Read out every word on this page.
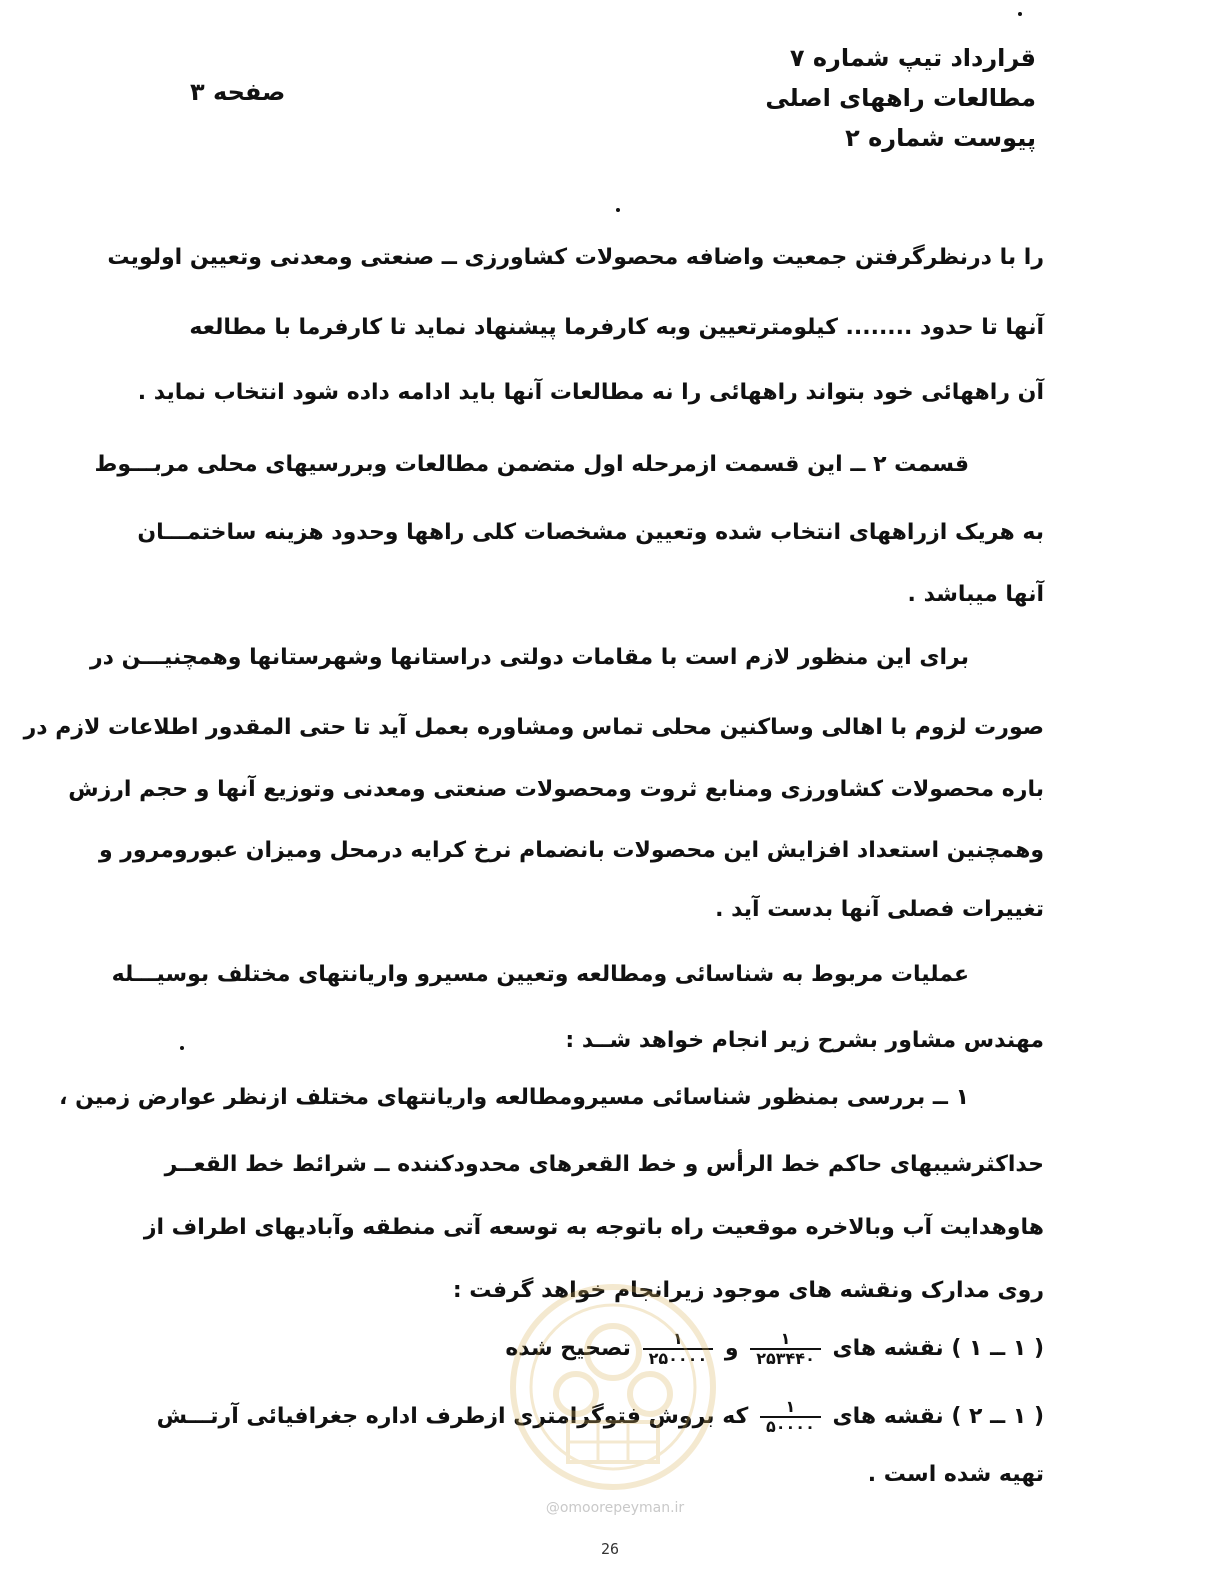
قرارداد تیپ شماره ۷
مطالعات راههای اصلی
پیوست شماره ۲
صفحه ۳
را با درنظرگرفتن جمعیت واضافه محصولات کشاورزی ــ صنعتی ومعدنی وتعیین اولویت
آنها تا حدود ........ کیلومترتعیین وبه کارفرما پیشنهاد نماید تا کارفرما با مطالعه
آن راههائی خود بتواند راههائی را نه مطالعات آنها باید ادامه داده شود انتخاب نماید .
قسمت ۲ ــ این قسمت ازمرحله اول متضمن مطالعات وبررسیهای محلی مربـــوط
به هریک ازراههای انتخاب شده وتعیین مشخصات کلی راهها وحدود هزینه ساختمـــان
آنها میباشد .
برای این منظور لازم است با مقامات دولتی دراستانها وشهرستانها وهمچنیـــن در
صورت لزوم با اهالی وساکنین محلی تماس ومشاوره بعمل آید تا حتی المقدور اطلاعات لازم در
باره محصولات کشاورزی ومنابع ثروت ومحصولات صنعتی ومعدنی وتوزیع آنها و حجم ارزش
وهمچنین استعداد افزایش این محصولات بانضمام نرخ کرایه درمحل ومیزان عبورومرور و
تغییرات فصلی آنها بدست آید .
عملیات مربوط به شناسائی ومطالعه وتعیین مسیرو واریانتهای مختلف بوسیـــله
مهندس مشاور بشرح زیر انجام خواهد شــد :
۱ ــ بررسی بمنظور شناسائی مسیرومطالعه واریانتهای مختلف ازنظر عوارض زمین ،
حداکثرشیبهای حاکم خط الرأس و خط القعرهای محدودکننده ــ شرائط خط القعــر
هاوهدایت آب وبالاخره موقعیت راه باتوجه به توسعه آتی منطقه وآبادیهای اطراف از
روی مدارک ونقشه های موجود زیرانجام خواهد گرفت :
( ۱ ــ ۱ ) نقشه های
$\frac{۱}{۲۵۳۴۴۰}$
و
$\frac{۱}{۲۵۰۰۰۰}$
تصحیح شده
( ۱ ــ ۲ ) نقشه های
$\frac{۱}{۵۰۰۰۰}$
که بروش فتوگرامتری ازطرف اداره جغرافیائی آرتـــش
تهیه شده است .
@omoorepeyman.ir
26
